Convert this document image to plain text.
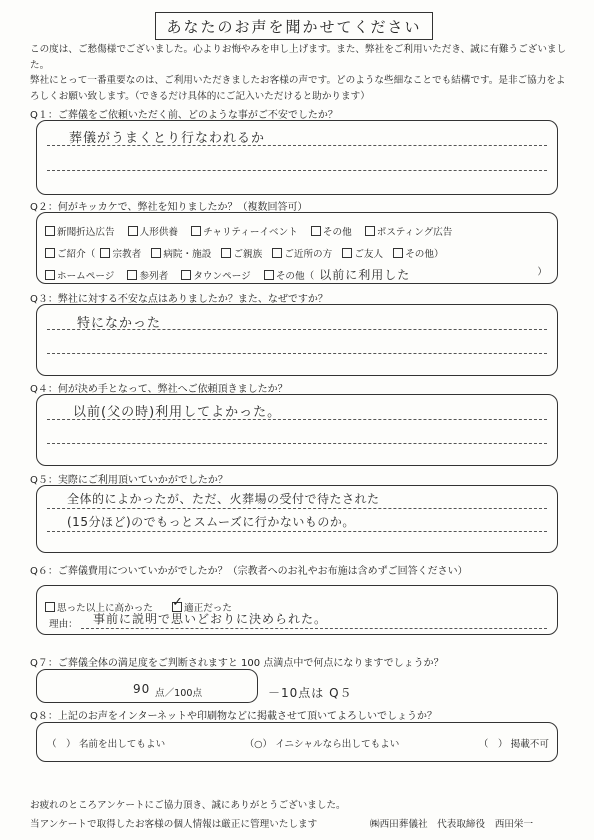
あなたのお声を聞かせてください
この度は、ご愁傷様でございました。心よりお悔やみを申し上げます。また、弊社をご利用いただき、誠に有難うございました。
弊社にとって一番重要なのは、ご利用いただきましたお客様の声です。どのような些細なことでも結構です。是非ご協力をよろしくお願い致します。（できるだけ具体的にご記入いただけると助かります）
Q１：ご葬儀をご依頼いただく前、どのような事がご不安でしたか？
葬儀がうまくとり行なわれるか
Q２：何がキッカケで、弊社を知りましたか？（複数回答可）
新聞折込広告	人形供養	チャリティーイベント	その他	ポスティング広告
ご紹介（ 宗教者 病院・施設 ご親族 ご近所の方 ご友人 その他）
ホームページ	参列者	タウンページ	その他（ 以前に利用した	）
Q３：弊社に対する不安な点はありましたか？また、なぜですか？
特になかった
Q４：何が決め手となって、弊社へご依頼頂きましたか？
以前(父の時)利用してよかった。
Q５：実際にご利用頂いていかがでしたか？
全体的によかったが、ただ、火葬場の受付で待たされた
(15分ほど)のでもっとスムーズに行かないものか。
Q６：ご葬儀費用についていかがでしたか？（宗教者へのお礼やお布施は含めずご回答ください）
思った以上に高かった ✓ 適正だった
理由： 事前に説明で思いどおりに決められた。
Q７：ご葬儀全体の満足度をご判断されますと 100 点満点中で何点になりますでしょうか？
90 点／100点	－10点は Q５
Q８：上記のお声をインターネットや印刷物などに掲載させて頂いてよろしいでしょうか？
（　） 名前を出してもよい	（○） イニシャルなら出してもよい	（　） 掲載不可
お疲れのところアンケートにご協力頂き、誠にありがとうございました。
当アンケートで取得したお客様の個人情報は厳正に管理いたします	㈱西田葬儀社　代表取締役　西田栄一
